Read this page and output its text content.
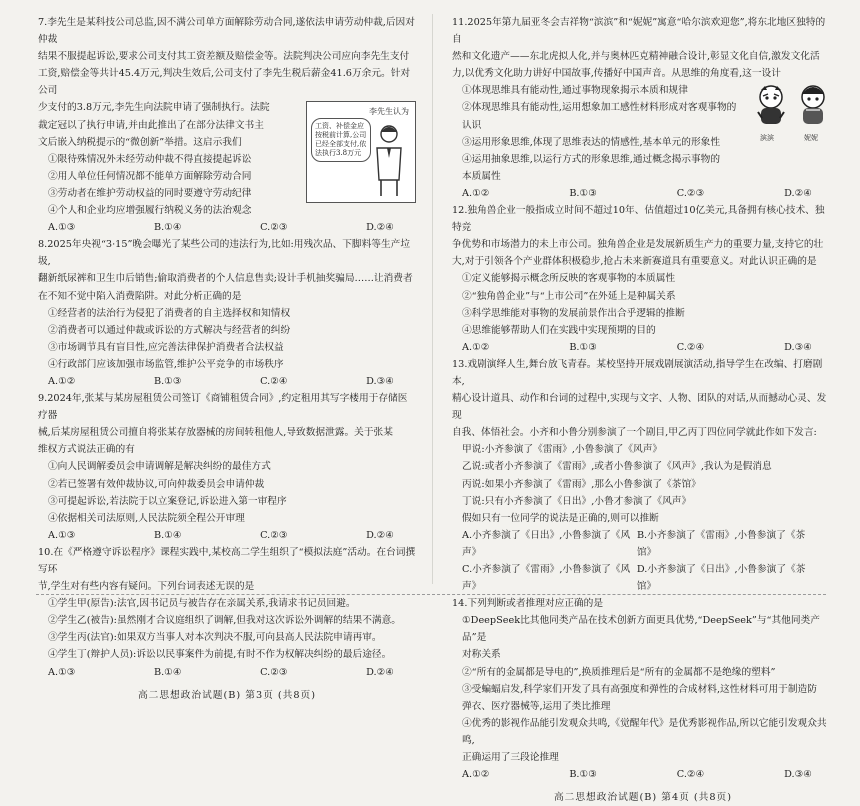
7.李先生是某科技公司总监,因不满公司单方面解除劳动合同,遂依法申请劳动仲裁,后因对仲裁
结果不服提起诉讼,要求公司支付其工资差额及赔偿金等。法院判决公司应向李先生支付
工资,赔偿金等共计45.4万元,判决生效后,公司支付了李先生税后薪金41.6万余元。针对公司
李先生认为
工资、补偿金应按税前计算,公司已经全部支付,依法执行3.8万元
少支付的3.8万元,李先生向法院申请了强制执行。法院
裁定冠以了执行申请,并由此推出了在部分法律文书主
文后嵌入纳税提示的“微创新”举措。这启示我们
①限待殊情况外未经劳动仲裁不得直接提起诉讼
②用人单位任何情况都不能单方面解除劳动合同
③劳动者在维护劳动权益的同时要遵守劳动纪律
④个人和企业均应增强履行纳税义务的法治观念
A.①③	B.①④	C.②③	D.②④
8.2025年央视“3·15”晚会曝光了某些公司的违法行为,比如:用残次品、下脚料等生产垃圾,
翻新纸尿裤和卫生巾后销售;偷取消费者的个人信息售卖;设计手机抽奖骗局……让消费者
在不知不觉中陷入消费陷阱。对此分析正确的是
①经营者的法治行为侵犯了消费者的自主选择权和知情权
②消费者可以通过仲裁或诉讼的方式解决与经营者的纠纷
③市场调节具有盲目性,应完善法律保护消费者合法权益
④行政部门应该加强市场监管,维护公平竞争的市场秩序
A.①②	B.①③	C.②④	D.③④
9.2024年,张某与某房屋租赁公司签订《商铺租赁合同》,约定租用其写字楼用于存储医疗器
械,后某房屋租赁公司擅自将张某存放器械的房间转租他人,导致数据泄露。关于张某
维权方式说法正确的有
①向人民调解委员会申请调解是解决纠纷的最佳方式
②若已签署有效仲裁协议,可向仲裁委员会申请仲裁
③可提起诉讼,若法院于以立案登记,诉讼进入第一审程序
④依据相关司法原则,人民法院须全程公开审理
A.①③	B.①④	C.②③	D.②④
10.在《严格遵守诉讼程序》课程实践中,某校高二学生组织了“模拟法庭”活动。在台词撰写环
节,学生对有些内容有疑问。下列台词表述无误的是
①学生甲(原告):法官,因书记员与被告存在亲属关系,我请求书记员回避。
②学生乙(被告):虽然刚才合议庭组织了调解,但我对这次诉讼外调解的结果不满意。
③学生丙(法官):如果双方当事人对本次判决不服,可向县高人民法院申请再审。
④学生丁(辩护人员):诉讼以民事案件为前提,有时不作为权解决纠纷的最后途径。
A.①③	B.①④	C.②③	D.②④
高二思想政治试题(B) 第3页 (共8页)
11.2025年第九届亚冬会吉祥物“滨滨”和“妮妮”寓意“哈尔滨欢迎您”,将东北地区独特的自
然和文化遗产——东北虎拟人化,并与奥林匹克精神融合设计,彰显文化自信,激发文化活
力,以优秀文化助力讲好中国故事,传播好中国声音。从思维的角度看,这一设计
滨滨	妮妮
①体现思维具有能动性,通过事物现象揭示本质和规律
②体现思维具有能动性,运用想象加工感性材料形成对客观事物的认识
③运用形象思维,体现了思维表达的情感性,基本单元的形象性
④运用抽象思维,以运行方式的形象思维,通过概念揭示事物的
本质属性
A.①②	B.①③	C.②③	D.②④
12.独角兽企业一般指成立时间不超过10年、估值超过10亿美元,具备拥有核心技术、独特竞
争优势和市场潜力的未上市公司。独角兽企业是发展新质生产力的重要力量,支持它的壮
大,对于引领各个产业群体积极稳步,抢占未来新赛道具有重要意义。对此认识正确的是
①定义能够揭示概念所反映的客观事物的本质属性
②“独角兽企业”与“上市公司”在外延上是种属关系
③科学思维能对事物的发展前景作出合乎逻辑的推断
④思维能够帮助人们在实践中实现预期的目的
A.①②	B.①③	C.②④	D.③④
13.戏剧演绎人生,舞台放飞青春。某校坚持开展戏剧展演活动,指导学生在改编、打磨剧本,
精心设计道具、动作和台词的过程中,实现与文字、人物、团队的对话,从而撼动心灵、发现
自我、体悟社会。小齐和小鲁分别参演了一个剧目,甲乙丙丁四位同学就此作如下发言:
甲说:小齐参演了《雷雨》,小鲁参演了《风声》
乙说:或者小齐参演了《雷雨》,或者小鲁参演了《风声》,我认为是假消息
丙说:如果小齐参演了《雷雨》,那么小鲁参演了《茶馆》
丁说:只有小齐参演了《日出》,小鲁才参演了《风声》
假如只有一位同学的说法是正确的,则可以推断
A.小齐参演了《日出》,小鲁参演了《风声》
B.小齐参演了《雷雨》,小鲁参演了《茶馆》
C.小齐参演了《雷雨》,小鲁参演了《风声》
D.小齐参演了《日出》,小鲁参演了《茶馆》
14.下列判断或者推理对应正确的是
①DeepSeek比其他同类产品在技术创新方面更具优势,“DeepSeek”与“其他同类产品”是
对称关系
②“所有的金属都是导电的”,换质推理后是“所有的金属都不是绝缘的塑料”
③受蝙蝠启发,科学家们开发了具有高强度和弹性的合成材料,这性材料可用于制造防
弹衣、医疗器械等,运用了类比推理
④优秀的影视作品能引发观众共鸣,《觉醒年代》是优秀影视作品,所以它能引发观众共鸣,
正确运用了三段论推理
A.①②	B.①③	C.②④	D.③④
高二思想政治试题(B) 第4页 (共8页)
